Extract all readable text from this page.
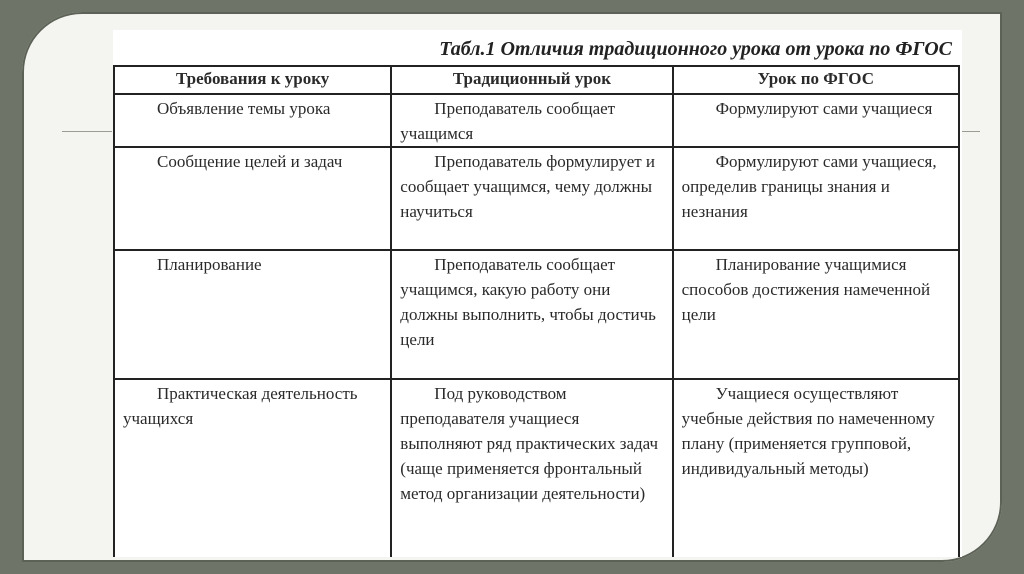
Табл.1 Отличия традиционного урока от урока по ФГОС
Требования к уроку	Традиционный урок	Урок по ФГОС
Объявление темы урока	Преподаватель сообщает учащимся	Формулируют сами учащиеся
Сообщение целей и задач	Преподаватель формулирует и сообщает учащимся, чему должны научиться	Формулируют сами учащиеся, определив границы знания и незнания
Планирование	Преподаватель сообщает учащимся, какую работу они должны выполнить, чтобы достичь цели	Планирование учащимися способов достижения намеченной цели
Практическая деятельность учащихся	Под руководством преподавателя учащиеся выполняют ряд практических задач (чаще применяется фронтальный метод организации деятельности)	Учащиеся осуществляют учебные действия по намеченному плану (применяется групповой, индивидуальный методы)
